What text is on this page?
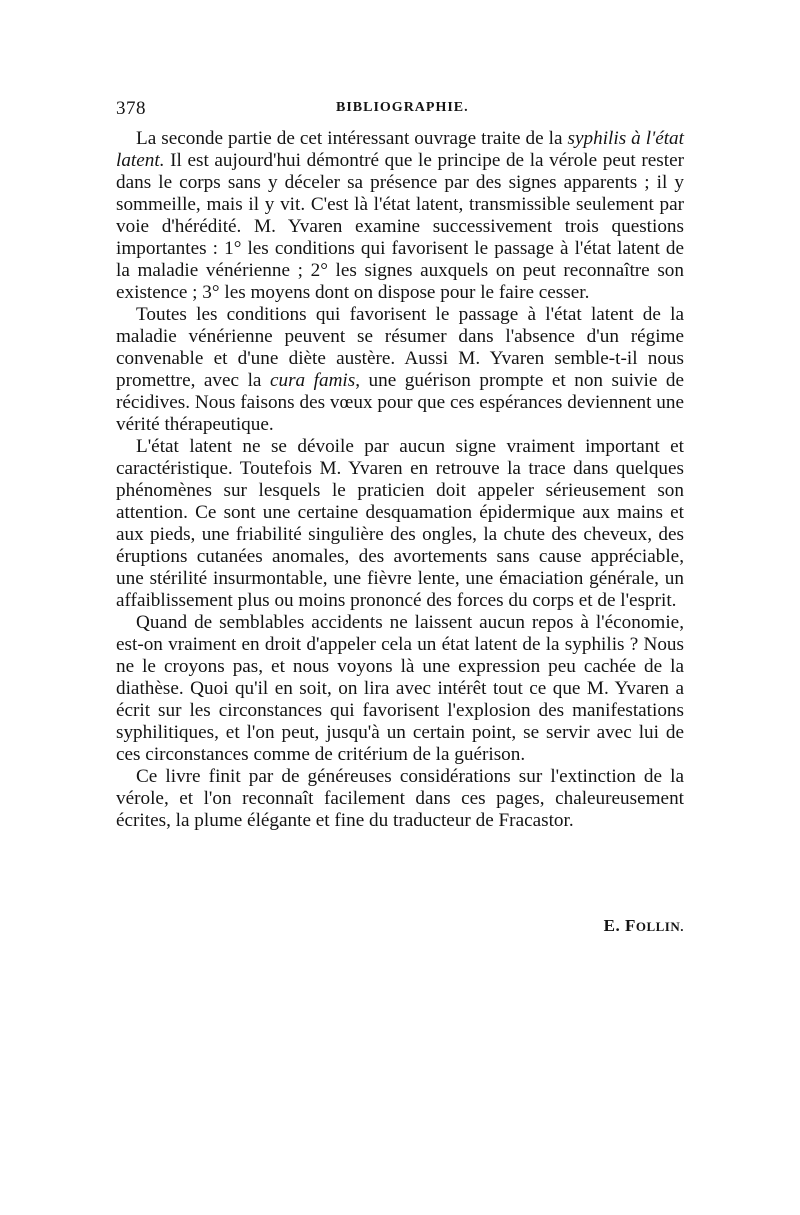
378	BIBLIOGRAPHIE.

La seconde partie de cet intéressant ouvrage traite de la syphilis à l'état latent. Il est aujourd'hui démontré que le principe de la vérole peut rester dans le corps sans y déceler sa présence par des signes apparents ; il y sommeille, mais il y vit. C'est là l'état latent, transmissible seulement par voie d'hérédité. M. Yvaren examine successivement trois questions importantes : 1° les conditions qui favorisent le passage à l'état latent de la maladie vénérienne ; 2° les signes auxquels on peut reconnaître son existence ; 3° les moyens dont on dispose pour le faire cesser.

Toutes les conditions qui favorisent le passage à l'état latent de la maladie vénérienne peuvent se résumer dans l'absence d'un régime convenable et d'une diète austère. Aussi M. Yvaren semble-t-il nous promettre, avec la cura famis, une guérison prompte et non suivie de récidives. Nous faisons des vœux pour que ces espérances deviennent une vérité thérapeutique.

L'état latent ne se dévoile par aucun signe vraiment important et caractéristique. Toutefois M. Yvaren en retrouve la trace dans quelques phénomènes sur lesquels le praticien doit appeler sérieusement son attention. Ce sont une certaine desquamation épidermique aux mains et aux pieds, une friabilité singulière des ongles, la chute des cheveux, des éruptions cutanées anomales, des avortements sans cause appréciable, une stérilité insurmontable, une fièvre lente, une émaciation générale, un affaiblissement plus ou moins prononcé des forces du corps et de l'esprit.

Quand de semblables accidents ne laissent aucun repos à l'économie, est-on vraiment en droit d'appeler cela un état latent de la syphilis ? Nous ne le croyons pas, et nous voyons là une expression peu cachée de la diathèse. Quoi qu'il en soit, on lira avec intérêt tout ce que M. Yvaren a écrit sur les circonstances qui favorisent l'explosion des manifestations syphilitiques, et l'on peut, jusqu'à un certain point, se servir avec lui de ces circonstances comme de critérium de la guérison.

Ce livre finit par de généreuses considérations sur l'extinction de la vérole, et l'on reconnaît facilement dans ces pages, chaleureusement écrites, la plume élégante et fine du traducteur de Fracastor.

E. FOLLIN.
